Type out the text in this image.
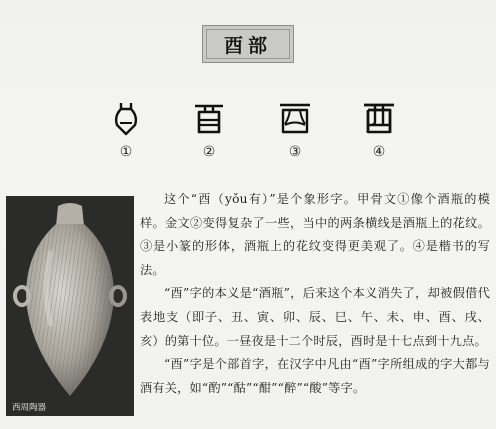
酉部
①	②	③	④
西周陶器

这个“酉（yǒu有）”是个象形字。甲骨文①像个酒瓶的模样。金文②变得复杂了一些，当中的两条横线是酒瓶上的花纹。③是小篆的形体，酒瓶上的花纹变得更美观了。④是楷书的写法。

“酉”字的本义是“酒瓶”，后来这个本义消失了，却被假借代表地支（即子、丑、寅、卯、辰、巳、午、未、申、酉、戌、亥）的第十位。一昼夜是十二个时辰，酉时是十七点到十九点。

“酉”字是个部首字，在汉字中凡由“酉”字所组成的字大都与酒有关，如“酌”“酤”“酣”“醉”“酸”等字。
